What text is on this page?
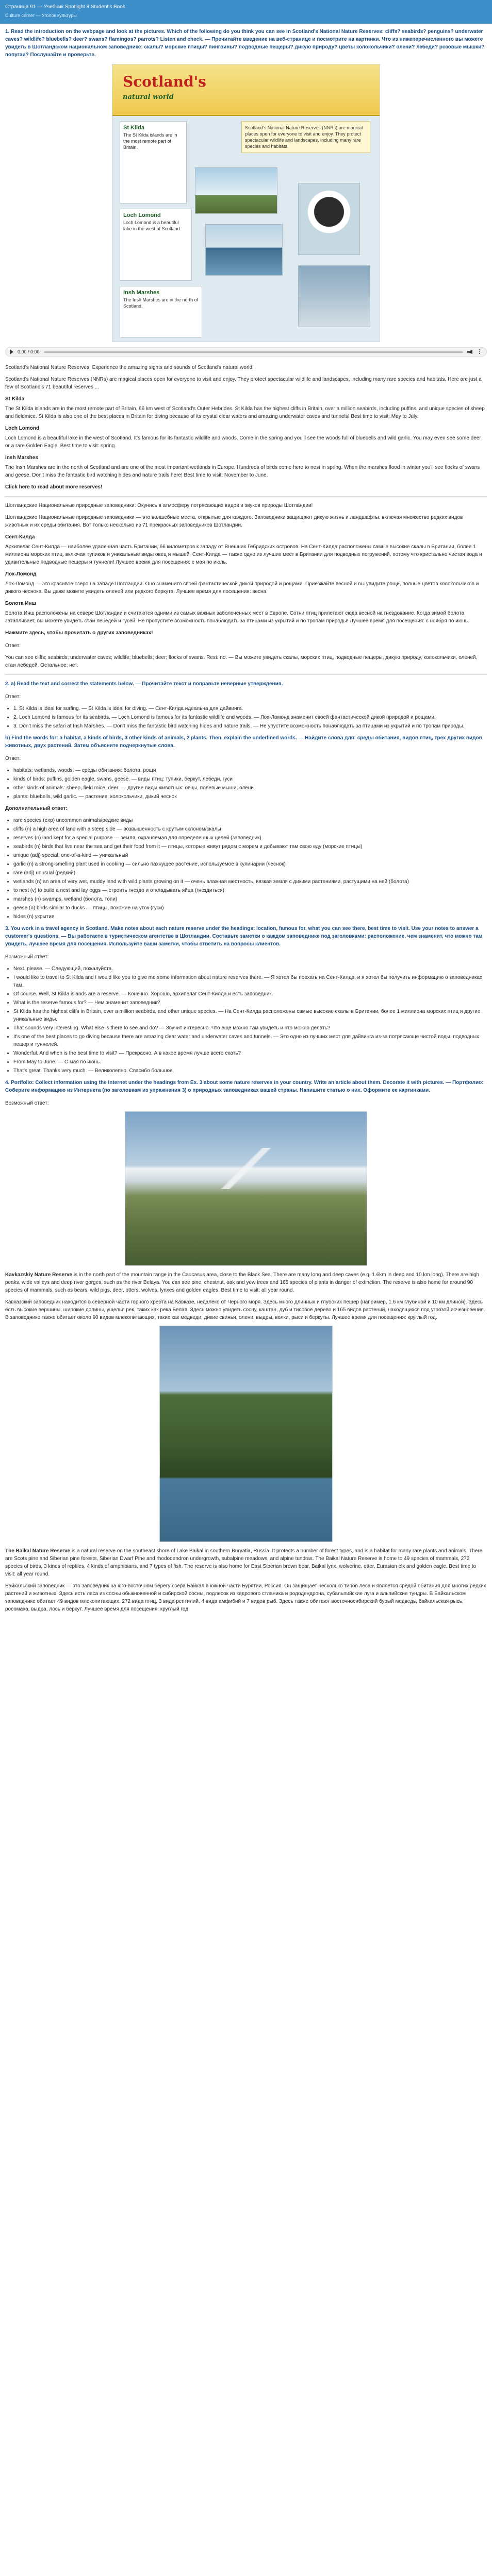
Страница 91 — Учебник Spotlight 8 Student's Book
Culture corner — Уголок культуры
1. Read the introduction on the webpage and look at the pictures. Which of the following do you think you can see in Scotland's National Nature Reserves: cliffs? seabirds? penguins? underwater caves? wildlife? bluebells? deer? swans? flamingos? parrots? Listen and check. — Прочитайте введение на веб-странице и посмотрите на картинки. Что из нижеперечисленного вы можете увидеть в Шотландском национальном заповеднике: скалы? морские птицы? пингвины? подводные пещеры? дикую природу? цветы колокольчики? олени? лебеди? розовые мышки? попугаи? Послушайте и проверьте.
Scotland's
natural world
Scotland's National Nature Reserves (NNRs) are magical places open for everyone to visit and enjoy. They protect spectacular wildlife and landscapes, including many rare species and habitats.
St Kilda
The St Kilda islands are in the most remote part of Britain.
Loch Lomond
Loch Lomond is a beautiful lake in the west of Scotland.
Insh Marshes
The Insh Marshes are in the north of Scotland.
0:00 / 0:00	⋮

Scotland's National Nature Reserves: Experience the amazing sights and sounds of Scotland's natural world!

Scotland's National Nature Reserves (NNRs) are magical places open for everyone to visit and enjoy. They protect spectacular wildlife and landscapes, including many rare species and habitats. Here are just a few of Scotland's 71 beautiful reserves ...

St Kilda

The St Kilda islands are in the most remote part of Britain, 66 km west of Scotland's Outer Hebrides. St Kilda has the highest cliffs in Britain, over a million seabirds, including puffins, and unique species of sheep and fieldmice. St Kilda is also one of the best places in Britain for diving because of its crystal clear waters and amazing underwater caves and tunnels! Best time to visit: May to July.

Loch Lomond

Loch Lomond is a beautiful lake in the west of Scotland. It's famous for its fantastic wildlife and woods. Come in the spring and you'll see the woods full of bluebells and wild garlic. You may even see some deer or a rare Golden Eagle. Best time to visit: spring.

Insh Marshes

The Insh Marshes are in the north of Scotland and are one of the most important wetlands in Europe. Hundreds of birds come here to nest in spring. When the marshes flood in winter you'll see flocks of swans and geese. Don't miss the fantastic bird watching hides and nature trails here! Best time to visit: November to June.

Click here to read about more reserves!

Шотландские Национальные природные заповедники: Окунись в атмосферу потрясающих видов и звуков природы Шотландии!

Шотландские Национальные природные заповедники — это волшебные места, открытые для каждого. Заповедники защищают дикую жизнь и ландшафты, включая множество редких видов животных и их среды обитания. Вот только несколько из 71 прекрасных заповедников Шотландии.

Сент-Килда

Архипелаг Сент-Килда — наиболее удаленная часть Британии, 66 километров к западу от Внешних Гебридских островов. На Сент-Килда расположены самые высокие скалы в Британии, более 1 миллиона морских птиц, включая тупиков и уникальные виды овец и мышей. Сент-Килда — также одно из лучших мест в Британии для подводных погружений, потому что кристально чистая вода и удивительные подводные пещеры и туннели! Лучшее время для посещения: с мая по июль.

Лох-Ломонд

Лох-Ломонд — это красивое озеро на западе Шотландии. Оно знаменито своей фантастической дикой природой и рощами. Приезжайте весной и вы увидите рощи, полные цветов колокольчиков и дикого чеснока. Вы даже можете увидеть оленей или редкого беркута. Лучшее время для посещения: весна.

Болота Инш

Болота Инш расположены на севере Шотландии и считаются одними из самых важных заболоченных мест в Европе. Сотни птиц прилетают сюда весной на гнездование. Когда зимой болота затапливает, вы можете увидеть стаи лебедей и гусей. Не пропустите возможность понаблюдать за птицами из укрытий и по тропам природы! Лучшее время для посещения: с ноября по июнь.

Нажмите здесь, чтобы прочитать о других заповедниках!

Ответ:

You can see cliffs; seabirds; underwater caves; wildlife; bluebells; deer; flocks of swans. Rest: no. — Вы можете увидеть скалы, морских птиц, подводные пещеры, дикую природу, колокольчики, оленей, стаи лебедей. Остальное: нет.

2. a) Read the text and correct the statements below. — Прочитайте текст и поправьте неверные утверждения.

Ответ:

• 1. St Kilda is ideal for surfing. — St Kilda is ideal for diving. — Сент-Килда идеальна для дайвинга.
• 2. Loch Lomond is famous for its seabirds. — Loch Lomond is famous for its fantastic wildlife and woods. — Лох-Ломонд знаменит своей фантастической дикой природой и рощами.
• 3. Don't miss the safari at Insh Marshes. — Don't miss the fantastic bird watching hides and nature trails. — Не упустите возможность понаблюдать за птицами из укрытий и по тропам природы.
b) Find the words for: a habitat, a kinds of birds, 3 other kinds of animals, 2 plants. Then, explain the underlined words. — Найдите слова для: среды обитания, видов птиц, трех других видов животных, двух растений. Затем объясните подчеркнутые слова.

Ответ:

• habitats: wetlands, woods. — среды обитания: болота, рощи
• kinds of birds: puffins, golden eagle, swans, geese. — виды птиц: тупики, беркут, лебеди, гуси
• other kinds of animals: sheep, field mice, deer. — другие виды животных: овцы, полевые мыши, олени
• plants: bluebells, wild garlic. — растения: колокольчики, дикий чеснок

Дополнительный ответ:

• rare species (exp) uncommon animals/редкие виды
• cliffs (n) a high area of land with a steep side — возвышенность с крутым склоном/скалы
• reserves (n) land kept for a special purpose — земля, охраняемая для определенных целей (заповедник)
• seabirds (n) birds that live near the sea and get their food from it — птицы, которые живут рядом с морем и добывают там свою еду (морские птицы)
• unique (adj) special, one-of-a-kind — уникальный
• garlic (n) a strong-smelling plant used in cooking — сильно пахнущее растение, используемое в кулинарии (чеснок)
• rare (adj) unusual (редкий)
• wetlands (n) an area of very wet, muddy land with wild plants growing on it — очень влажная местность, вязкая земля с дикими растениями, растущими на ней (болота)
• to nest (v) to build a nest and lay eggs — строить гнездо и откладывать яйца (гнездиться)
• marshes (n) swamps, wetland (болота, топи)
• geese (n) birds similar to ducks — птицы, похожие на уток (гуси)
• hides (n) укрытия
3. You work in a travel agency in Scotland. Make notes about each nature reserve under the headings: location, famous for, what you can see there, best time to visit. Use your notes to answer a customer's questions. — Вы работаете в туристическом агентстве в Шотландии. Составьте заметки о каждом заповеднике под заголовками: расположение, чем знаменит, что можно там увидеть, лучшее время для посещения. Используйте ваши заметки, чтобы ответить на вопросы клиентов.

Возможный ответ:

• Next, please. — Следующий, пожалуйста.
• I would like to travel to St Kilda and I would like you to give me some information about nature reserves there. — Я хотел бы поехать на Сент-Килда, и я хотел бы получить информацию о заповедниках там.
• Of course. Well, St Kilda islands are a reserve. — Конечно. Хорошо, архипелаг Сент-Килда и есть заповедник.
• What is the reserve famous for? — Чем знаменит заповедник?
• St Kilda has the highest cliffs in Britain, over a million seabirds, and other unique species. — На Сент-Килда расположены самые высокие скалы в Британии, более 1 миллиона морских птиц и другие уникальные виды.
• That sounds very interesting. What else is there to see and do? — Звучит интересно. Что еще можно там увидеть и что можно делать?
• It's one of the best places to go diving because there are amazing clear water and underwater caves and tunnels. — Это одно из лучших мест для дайвинга из-за потрясающе чистой воды, подводных пещер и туннелей.
• Wonderful. And when is the best time to visit? — Прекрасно. А в какое время лучше всего ехать?
• From May to June. — С мая по июнь.
• That's great. Thanks very much. — Великолепно. Спасибо большое.
4. Portfolio: Collect information using the Internet under the headings from Ex. 3 about some nature reserves in your country. Write an article about them. Decorate it with pictures. — Портфолио: Соберите информацию из Интернета (по заголовкам из упражнения 3) о природных заповедниках вашей страны. Напишите статью о них. Оформите ее картинками.

Возможный ответ:

Kavkazskiy Nature Reserve is in the north part of the mountain range in the Caucasus area, close to the Black Sea. There are many long and deep caves (e.g. 1.6km in deep and 10 km long). There are high peaks, wide valleys and deep river gorges, such as the river Belaya. You can see pine, chestnut, oak and yew trees and 165 species of plants in danger of extinction. The reserve is also home for around 90 species of mammals, such as bears, wild pigs, deer, otters, wolves, lynxes and golden eagles. Best time to visit: all year round.

Кавказский заповедник находится в северной части горного хребта на Кавказе, недалеко от Черного моря. Здесь много длинных и глубоких пещер (например, 1.6 км глубиной и 10 км длиной). Здесь есть высокие вершины, широкие долины, ущелья рек, таких как река Белая. Здесь можно увидеть сосну, каштан, дуб и тисовое дерево и 165 видов растений, находящихся под угрозой исчезновения. В заповеднике также обитает около 90 видов млекопитающих, таких как медведи, дикие свиньи, олени, выдры, волки, рыси и беркуты. Лучшее время для посещения: круглый год.

The Baikal Nature Reserve is a natural reserve on the southeast shore of Lake Baikal in southern Buryatia, Russia. It protects a number of forest types, and is a habitat for many rare plants and animals. There are Scots pine and Siberian pine forests, Siberian Dwarf Pine and rhododendron undergrowth, subalpine meadows, and alpine tundras. The Baikal Nature Reserve is home to 49 species of mammals, 272 species of birds, 3 kinds of reptiles, 4 kinds of amphibians, and 7 types of fish. The reserve is also home for East Siberian brown bear, Baikal lynx, wolverine, otter, Eurasian elk and golden eagle. Best time to visit: all year round.

Байкальский заповедник — это заповедник на юго-восточном берегу озера Байкал в южной части Бурятии, Россия. Он защищает несколько типов леса и является средой обитания для многих редких растений и животных. Здесь есть леса из сосны обыкновенной и сибирской сосны, подлесок из кедрового стланика и рододендрона, субальпийские луга и альпийские тундры. В Байкальском заповеднике обитает 49 видов млекопитающих, 272 вида птиц, 3 вида рептилий, 4 вида амфибий и 7 видов рыб. Здесь также обитают восточносибирский бурый медведь, байкальская рысь, росомаха, выдра, лось и беркут. Лучшее время для посещения: круглый год.
